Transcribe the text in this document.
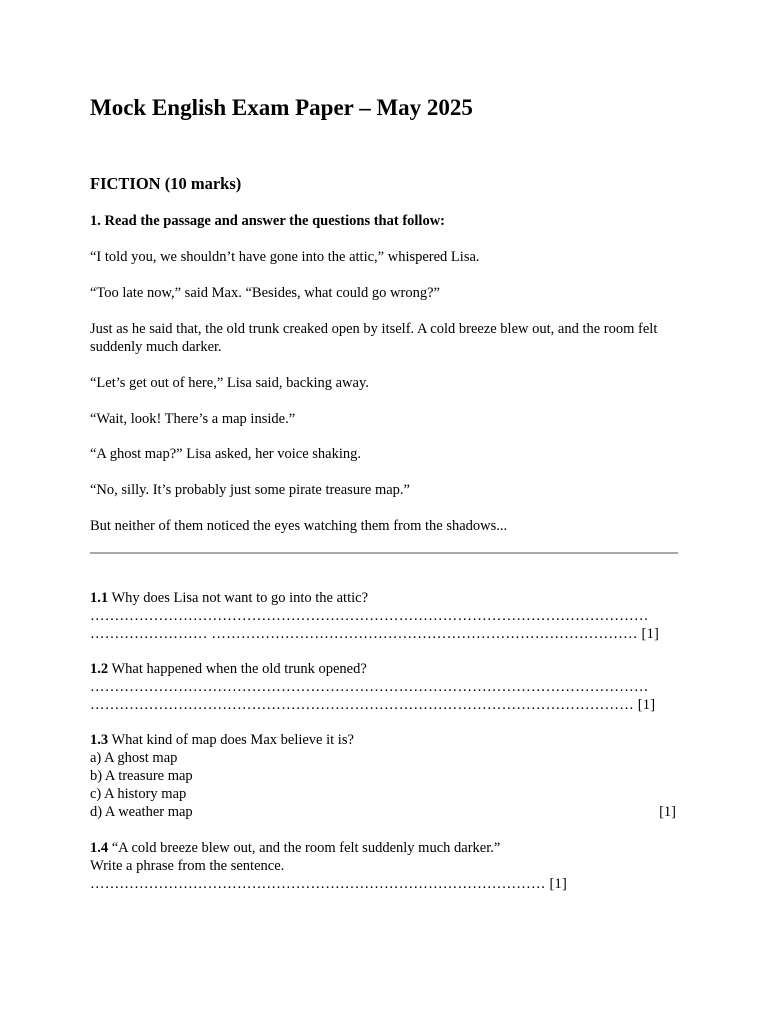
Mock English Exam Paper – May 2025
FICTION (10 marks)
1. Read the passage and answer the questions that follow:
“I told you, we shouldn’t have gone into the attic,” whispered Lisa.
“Too late now,” said Max. “Besides, what could go wrong?”
Just as he said that, the old trunk creaked open by itself. A cold breeze blew out, and the room felt suddenly much darker.
“Let’s get out of here,” Lisa said, backing away.
“Wait, look! There’s a map inside.”
“A ghost map?” Lisa asked, her voice shaking.
“No, silly. It’s probably just some pirate treasure map.”
But neither of them noticed the eyes watching them from the shadows...
1.1 Why does Lisa not want to go into the attic?
……………………………………………………………………………………………………
…………………… …………………………………………………………………………… [1]
1.2 What happened when the old trunk opened?
……………………………………………………………………………………………………
………………………………………………………………………………………………… [1]
1.3 What kind of map does Max believe it is?
a) A ghost map
b) A treasure map
c) A history map
d) A weather map	[1]
1.4 “A cold breeze blew out, and the room felt suddenly much darker.”
Write a phrase from the sentence.
………………………………………………………………………………… [1]
